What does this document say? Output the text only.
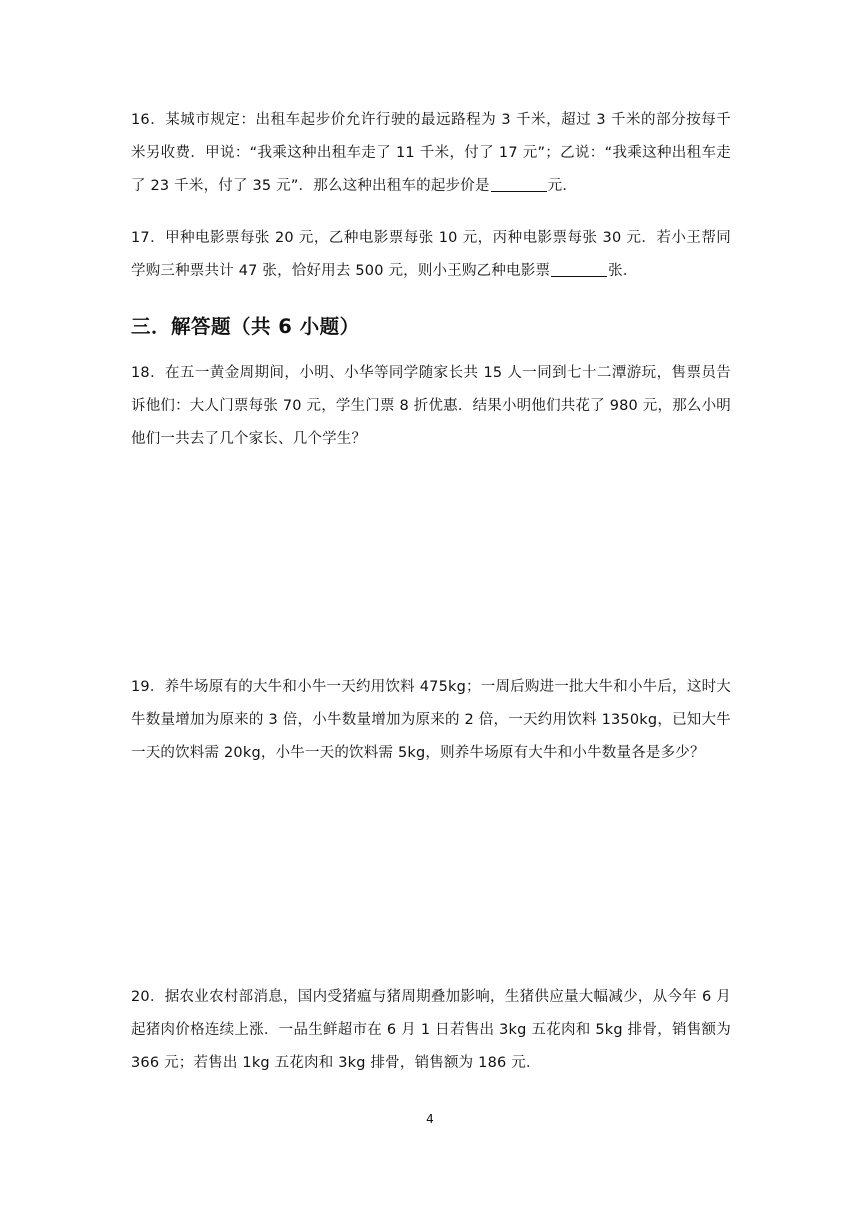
16．某城市规定：出租车起步价允许行驶的最远路程为 3 千米，超过 3 千米的部分按每千米另收费．甲说：“我乘这种出租车走了 11 千米，付了 17 元”；乙说：“我乘这种出租车走了 23 千米，付了 35 元”．那么这种出租车的起步价是	元．

17．甲种电影票每张 20 元，乙种电影票每张 10 元，丙种电影票每张 30 元．若小王帮同学购三种票共计 47 张，恰好用去 500 元，则小王购乙种电影票	张．

三．解答题（共 6 小题）

18．在五一黄金周期间，小明、小华等同学随家长共 15 人一同到七十二潭游玩，售票员告诉他们：大人门票每张 70 元，学生门票 8 折优惠．结果小明他们共花了 980 元，那么小明他们一共去了几个家长、几个学生？

19．养牛场原有的大牛和小牛一天约用饮料 475kg；一周后购进一批大牛和小牛后，这时大牛数量增加为原来的 3 倍，小牛数量增加为原来的 2 倍，一天约用饮料 1350kg，已知大牛一天的饮料需 20kg，小牛一天的饮料需 5kg，则养牛场原有大牛和小牛数量各是多少？

20．据农业农村部消息，国内受猪瘟与猪周期叠加影响，生猪供应量大幅减少，从今年 6 月起猪肉价格连续上涨．一品生鲜超市在 6 月 1 日若售出 3kg 五花肉和 5kg 排骨，销售额为 366 元；若售出 1kg 五花肉和 3kg 排骨，销售额为 186 元．

4
